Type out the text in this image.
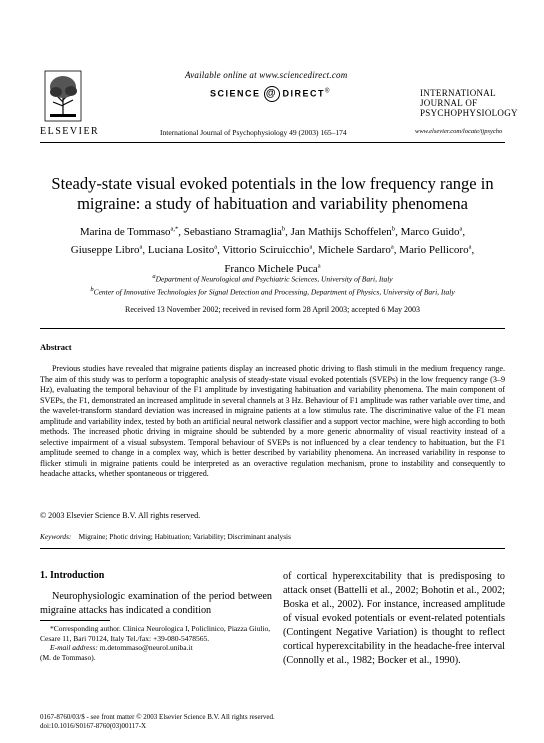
Available online at www.sciencedirect.com
SCIENCE @ DIRECT®
ELSEVIER	International Journal of Psychophysiology 49 (2003) 165–174
INTERNATIONAL
JOURNAL OF
PSYCHOPHYSIOLOGY
www.elsevier.com/locate/ijpsycho
Steady-state visual evoked potentials in the low frequency range in
migraine: a study of habituation and variability phenomena
Marina de Tommaso$^{a,*}$, Sebastiano Stramaglia$^b$, Jan Mathijs Schoffelen$^b$, Marco Guido$^a$,
Giuseppe Libro$^a$, Luciana Losito$^a$, Vittorio Sciruicchio$^a$, Michele Sardaro$^a$, Mario Pellicoro$^a$,
Franco Michele Puca$^a$
$^a$Department of Neurological and Psychiatric Sciences, University of Bari, Italy
$^b$Center of Innovative Technologies for Signal Detection and Processing, Department of Physics, University of Bari, Italy
Received 13 November 2002; received in revised form 28 April 2003; accepted 6 May 2003
Abstract
Previous studies have revealed that migraine patients display an increased photic driving to flash stimuli in the medium frequency range. The aim of this study was to perform a topographic analysis of steady-state visual evoked potentials (SVEPs) in the low frequency range (3–9 Hz), evaluating the temporal behaviour of the F1 amplitude by investigating habituation and variability phenomena. The main component of SVEPs, the F1, demonstrated an increased amplitude in several channels at 3 Hz. Behaviour of F1 amplitude was rather variable over time, and the wavelet-transform standard deviation was increased in migraine patients at a low stimulus rate. The discriminative value of the F1 mean amplitude and variability index, tested by both an artificial neural network classifier and a support vector machine, were high according to both methods. The increased photic driving in migraine should be subtended by a more generic abnormality of visual reactivity instead of a selective impairment of a visual subsystem. Temporal behaviour of SVEPs is not influenced by a clear tendency to habituation, but the F1 amplitude seemed to change in a complex way, which is better described by variability phenomena. An increased variability in response to flicker stimuli in migraine patients could be interpreted as an overactive regulation mechanism, prone to instability and consequently to headache attacks, whether spontaneous or triggered.
© 2003 Elsevier Science B.V. All rights reserved.
Keywords: Migraine; Photic driving; Habituation; Variability; Discriminant analysis
1. Introduction
Neurophysiologic examination of the period between migraine attacks has indicated a condition
of cortical hyperexcitability that is predisposing to attack onset (Battelli et al., 2002; Bohotin et al., 2002; Boska et al., 2002). For instance, increased amplitude of visual evoked potentials or event-related potentials (Contingent Negative Variation) is thought to reflect cortical hyperexcitability in the headache-free interval (Connolly et al., 1982; Bocker et al., 1990).
*Corresponding author. Clinica Neurologica I, Policlinico, Piazza Giulio, Cesare 11, Bari 70124, Italy Tel./fax: +39-080-5478565.
E-mail address: m.detommaso@neurol.uniba.it
(M. de Tommaso).
0167-8760/03/$ - see front matter © 2003 Elsevier Science B.V. All rights reserved.
doi:10.1016/S0167-8760(03)00117-X
